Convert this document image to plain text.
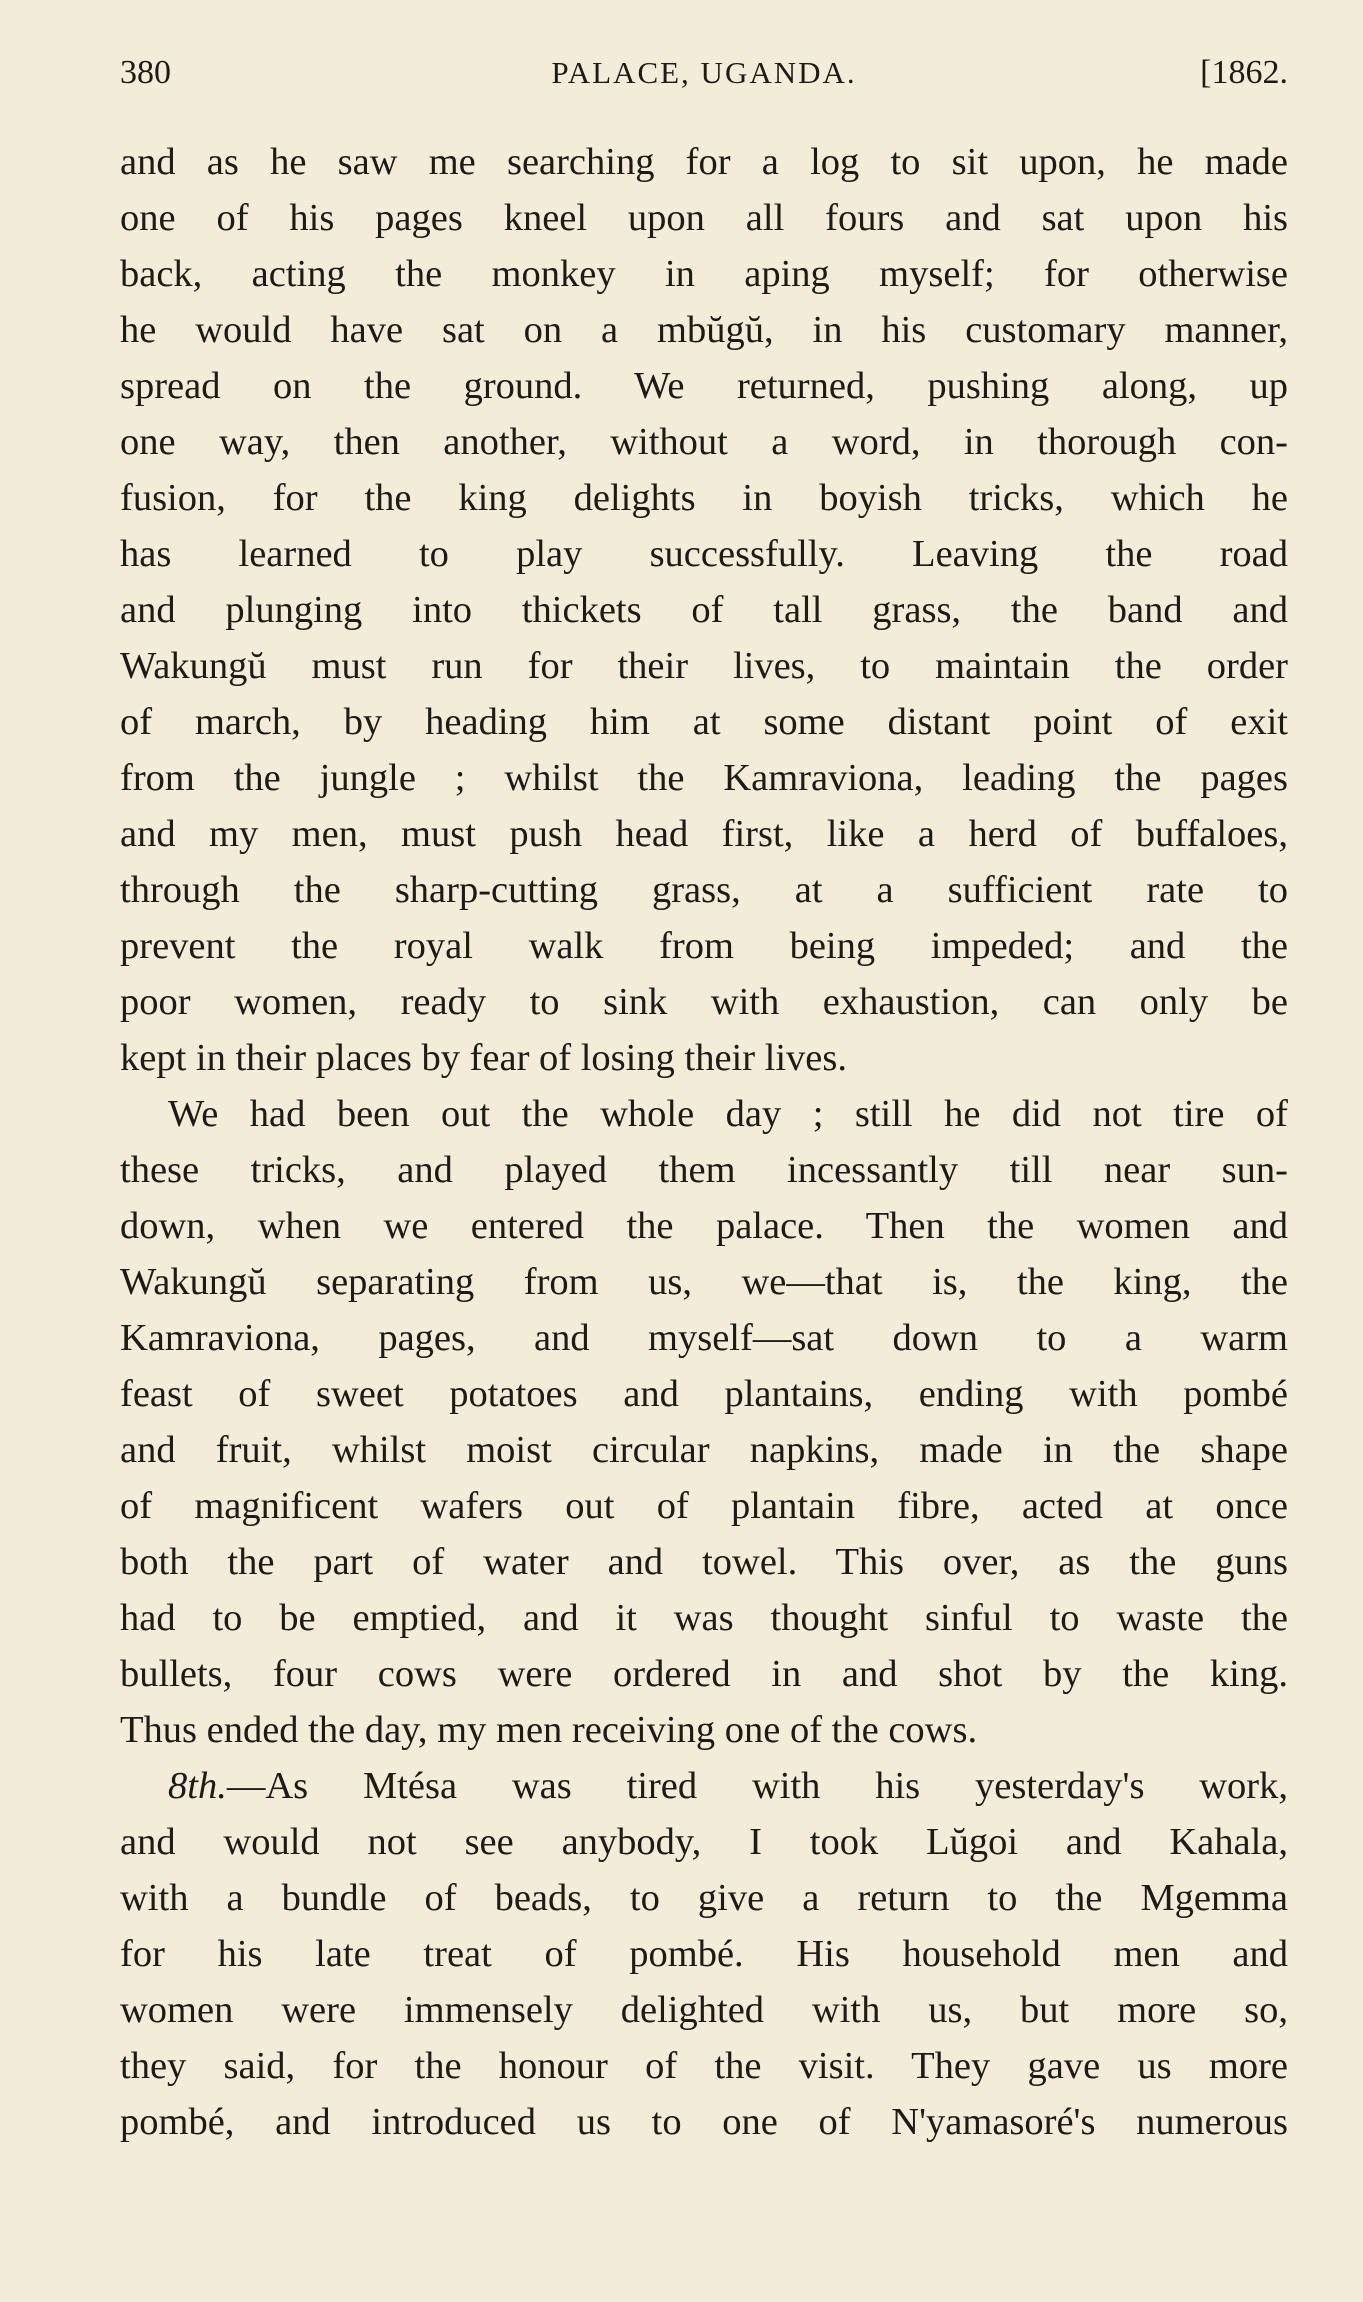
380	PALACE, UGANDA.	[1862.
and as he saw me searching for a log to sit upon, he made
one of his pages kneel upon all fours and sat upon his
back, acting the monkey in aping myself; for otherwise
he would have sat on a mbŭgŭ, in his customary manner,
spread on the ground. We returned, pushing along, up
one way, then another, without a word, in thorough con-
fusion, for the king delights in boyish tricks, which he
has learned to play successfully. Leaving the road
and plunging into thickets of tall grass, the band and
Wakungŭ must run for their lives, to maintain the order
of march, by heading him at some distant point of exit
from the jungle ; whilst the Kamraviona, leading the pages
and my men, must push head first, like a herd of buffaloes,
through the sharp-cutting grass, at a sufficient rate to
prevent the royal walk from being impeded; and the
poor women, ready to sink with exhaustion, can only be
kept in their places by fear of losing their lives.
We had been out the whole day ; still he did not tire of
these tricks, and played them incessantly till near sun-
down, when we entered the palace. Then the women and
Wakungŭ separating from us, we—that is, the king, the
Kamraviona, pages, and myself—sat down to a warm
feast of sweet potatoes and plantains, ending with pombé
and fruit, whilst moist circular napkins, made in the shape
of magnificent wafers out of plantain fibre, acted at once
both the part of water and towel. This over, as the guns
had to be emptied, and it was thought sinful to waste the
bullets, four cows were ordered in and shot by the king.
Thus ended the day, my men receiving one of the cows.
8th.—As Mtésa was tired with his yesterday's work,
and would not see anybody, I took Lŭgoi and Kahala,
with a bundle of beads, to give a return to the Mgemma
for his late treat of pombé. His household men and
women were immensely delighted with us, but more so,
they said, for the honour of the visit. They gave us more
pombé, and introduced us to one of N'yamasoré's numerous
